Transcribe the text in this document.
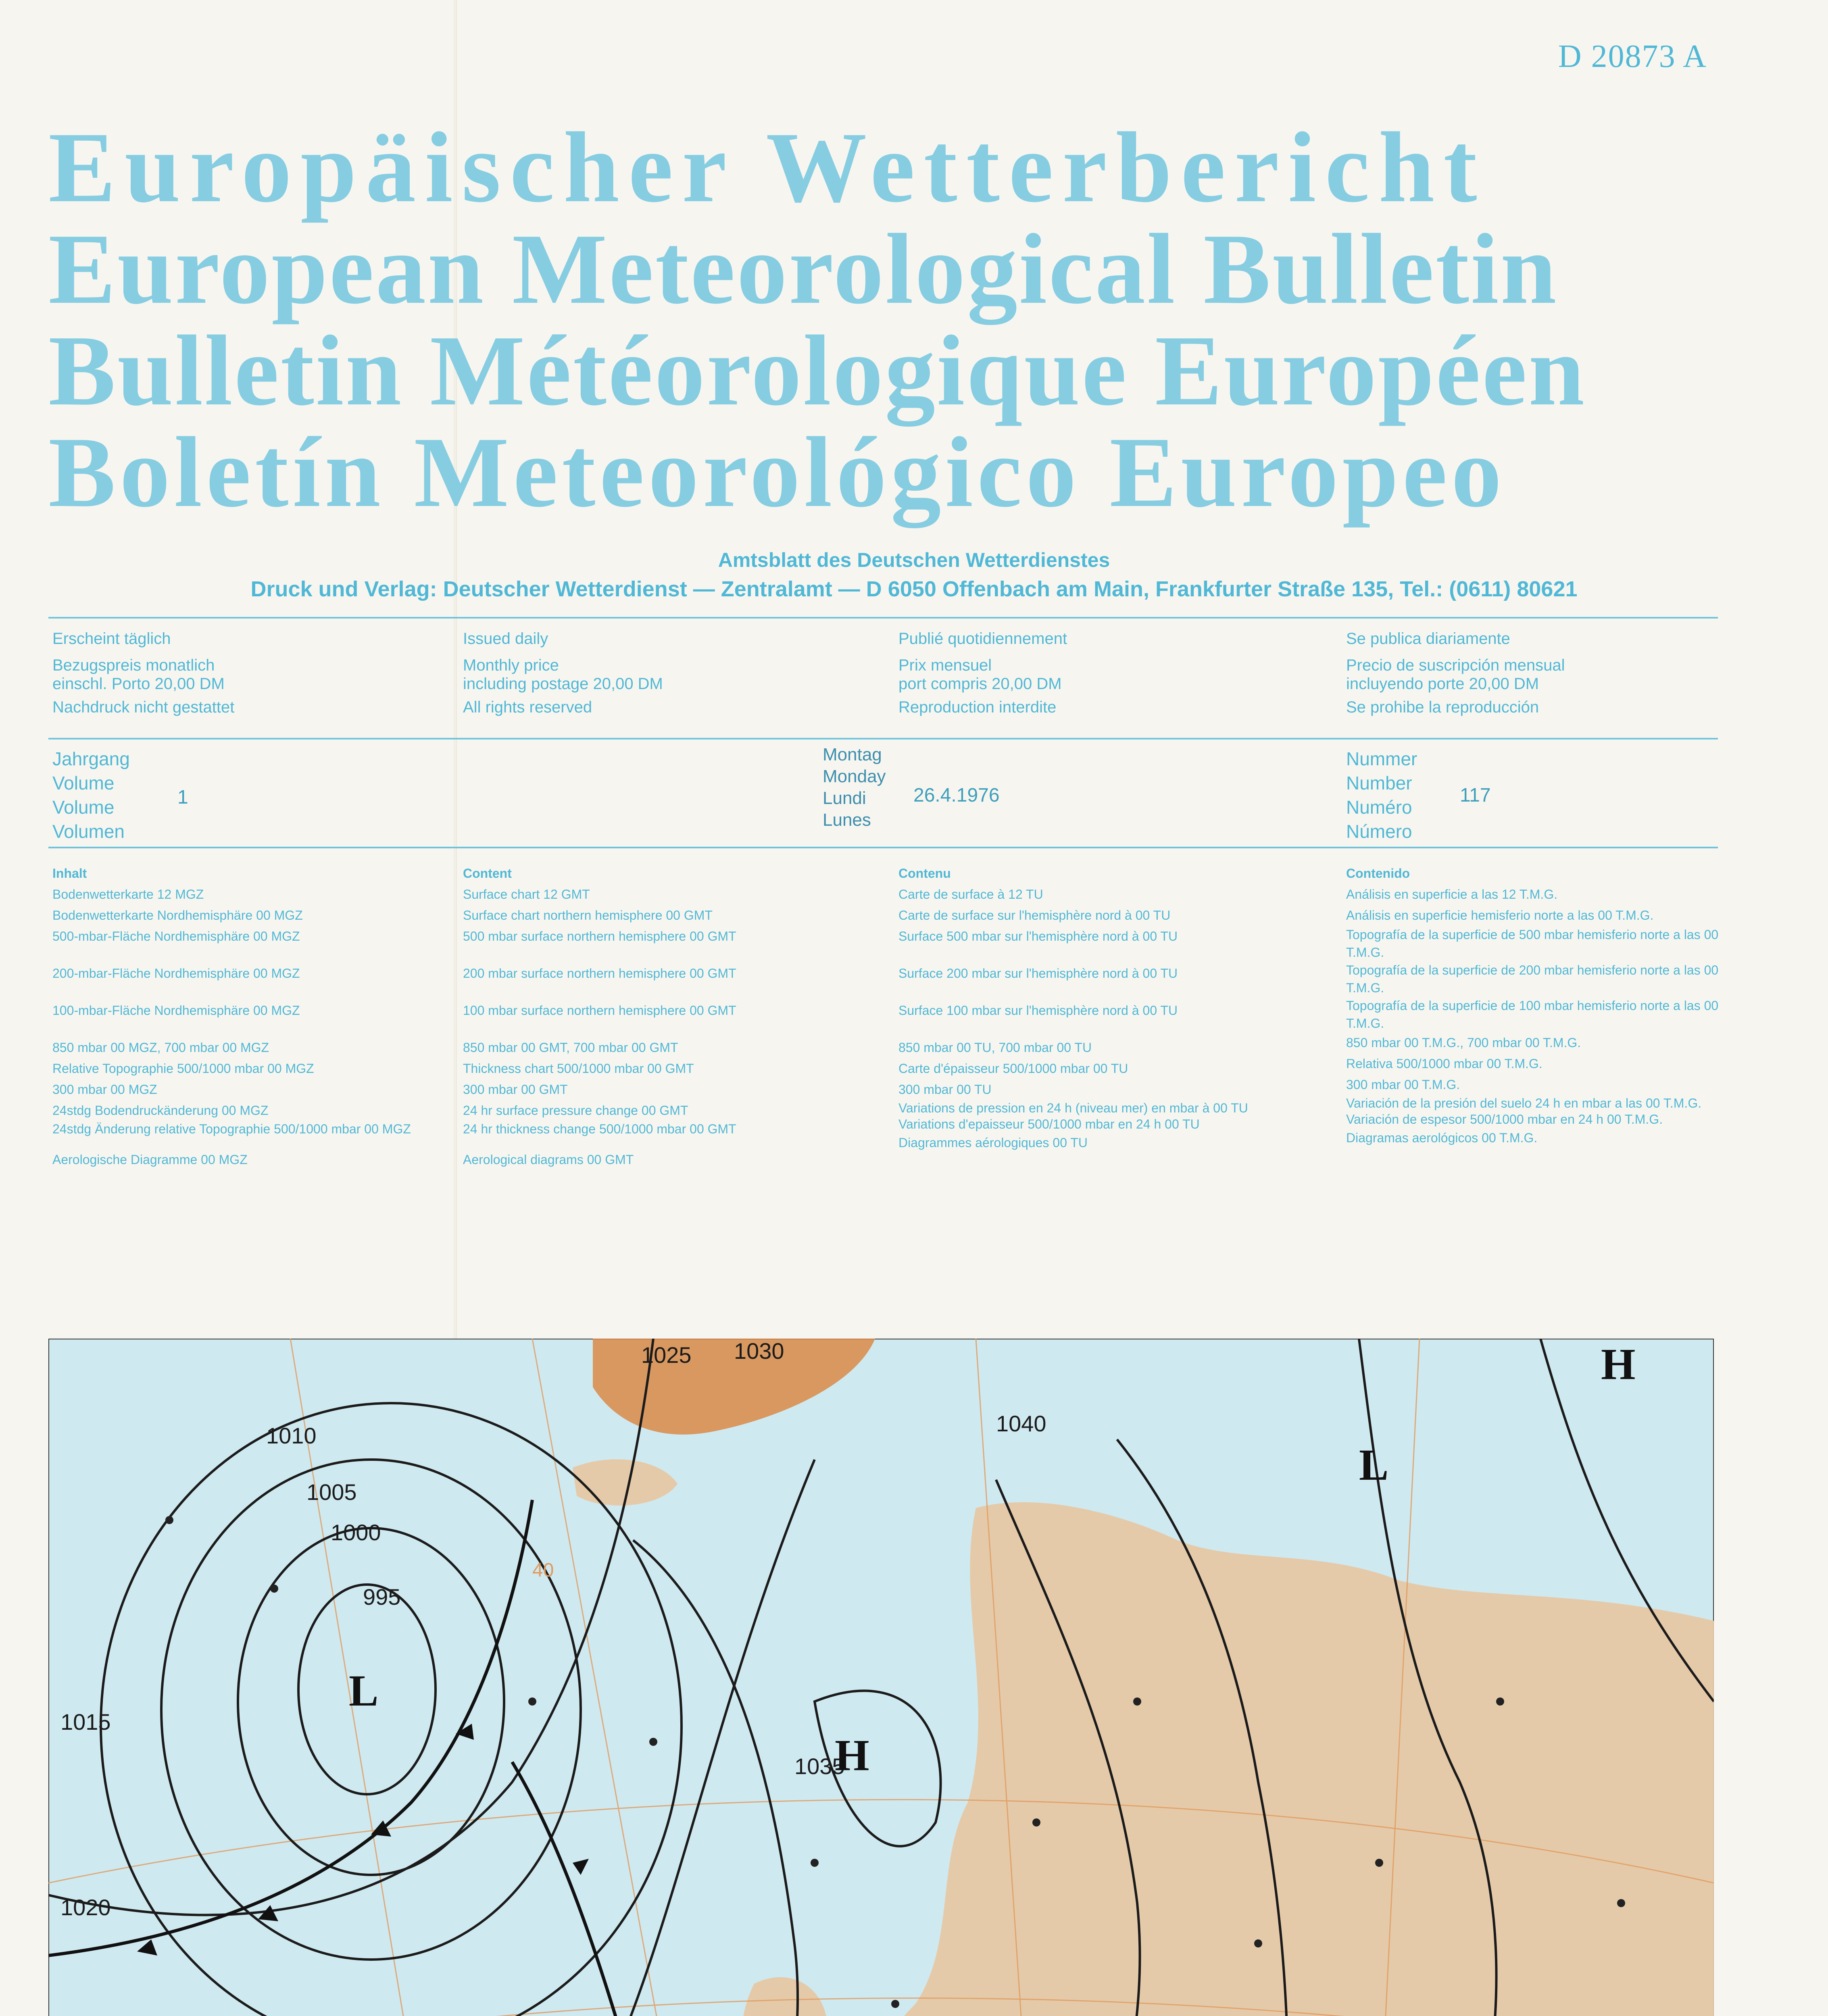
D 20873 A
Europäischer Wetterbericht
European Meteorological Bulletin
Bulletin Météorologique Européen
Boletín Meteorológico Europeo
Amtsblatt des Deutschen Wetterdienstes
Druck und Verlag: Deutscher Wetterdienst — Zentralamt — D 6050 Offenbach am Main, Frankfurter Straße 135, Tel.: (0611) 80621
Erscheint täglich
Bezugspreis monatlich
einschl. Porto 20,00 DM
Nachdruck nicht gestattet
Issued daily
Monthly price
including postage 20,00 DM
All rights reserved
Publié quotidiennement
Prix mensuel
port compris 20,00 DM
Reproduction interdite
Se publica diariamente
Precio de suscripción mensual
incluyendo porte 20,00 DM
Se prohibe la reproducción
Jahrgang
Volume
Volume
Volumen
1
Montag
Monday
Lundi
Lunes
26.4.1976
Nummer
Number
Numéro
Número
117
Inhalt
Bodenwetterkarte 12 MGZ
Bodenwetterkarte Nordhemisphäre 00 MGZ
500-mbar-Fläche Nordhemisphäre 00 MGZ
200-mbar-Fläche Nordhemisphäre 00 MGZ
100-mbar-Fläche Nordhemisphäre 00 MGZ
850 mbar 00 MGZ, 700 mbar 00 MGZ
Relative Topographie 500/1000 mbar 00 MGZ
300 mbar 00 MGZ
24stdg Bodendruckänderung 00 MGZ
24stdg Änderung relative Topographie 500/1000 mbar 00 MGZ
Aerologische Diagramme 00 MGZ
Content
Surface chart 12 GMT
Surface chart northern hemisphere 00 GMT
500 mbar surface northern hemisphere 00 GMT
200 mbar surface northern hemisphere 00 GMT
100 mbar surface northern hemisphere 00 GMT
850 mbar 00 GMT, 700 mbar 00 GMT
Thickness chart 500/1000 mbar 00 GMT
300 mbar 00 GMT
24 hr surface pressure change 00 GMT
24 hr thickness change 500/1000 mbar 00 GMT
Aerological diagrams 00 GMT
Contenu
Carte de surface à 12 TU
Carte de surface sur l'hemisphère nord à 00 TU
Surface 500 mbar sur l'hemisphère nord à 00 TU
Surface 200 mbar sur l'hemisphère nord à 00 TU
Surface 100 mbar sur l'hemisphère nord à 00 TU
850 mbar 00 TU, 700 mbar 00 TU
Carte d'épaisseur 500/1000 mbar 00 TU
300 mbar 00 TU
Variations de pression en 24 h (niveau mer) en mbar à 00 TU
Variations d'epaisseur 500/1000 mbar en 24 h 00 TU
Diagrammes aérologiques 00 TU
Contenido
Análisis en superficie a las 12 T.M.G.
Análisis en superficie hemisferio norte a las 00 T.M.G.
Topografía de la superficie de 500 mbar hemisferio norte a las 00 T.M.G.
Topografía de la superficie de 200 mbar hemisferio norte a las 00 T.M.G.
Topografía de la superficie de 100 mbar hemisferio norte a las 00 T.M.G.
850 mbar 00 T.M.G., 700 mbar 00 T.M.G.
Relativa 500/1000 mbar 00 T.M.G.
300 mbar 00 T.M.G.
Variación de la presión del suelo 24 h en mbar a las 00 T.M.G.
Variación de espesor 500/1000 mbar en 24 h 00 T.M.G.
Diagramas aerológicos 00 T.M.G.
995
1000
1005
1010
1015
1020
1025 1030
1035
1040
L
H
H
L
40
